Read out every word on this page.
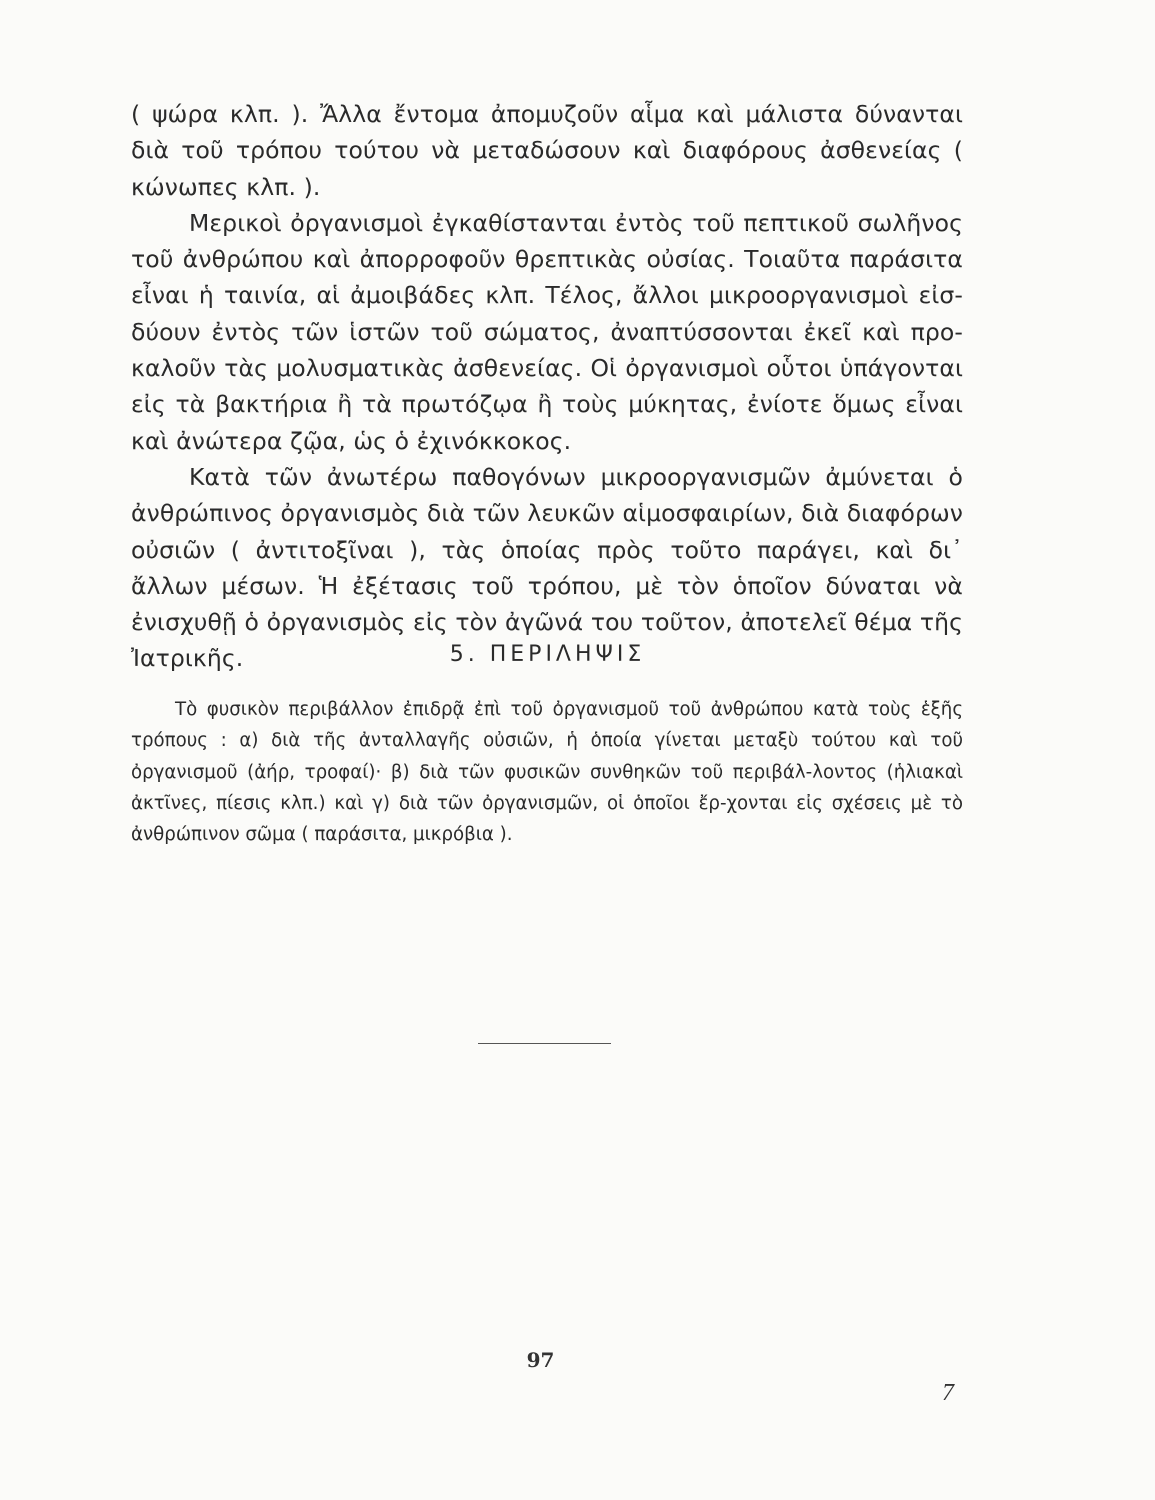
( ψώρα κλπ. ). Ἄλλα ἔντομα ἀπομυζοῦν αἷμα καὶ μάλιστα δύνανται διὰ τοῦ τρόπου τούτου νὰ μεταδώσουν καὶ διαφόρους ἀσθενείας ( κώνωπες κλπ. ).

Μερικοὶ ὀργανισμοὶ ἐγκαθίστανται ἐντὸς τοῦ πεπτικοῦ σωλῆνος τοῦ ἀνθρώπου καὶ ἀπορροφοῦν θρεπτικὰς οὐσίας. Τοιαῦτα παράσιτα εἶναι ἡ ταινία, αἱ ἀμοιβάδες κλπ. Τέλος, ἄλλοι μικροοργανισμοὶ εἰσ-δύουν ἐντὸς τῶν ἱστῶν τοῦ σώματος, ἀναπτύσσονται ἐκεῖ καὶ προ-καλοῦν τὰς μολυσματικὰς ἀσθενείας. Οἱ ὀργανισμοὶ οὗτοι ὑπάγονται εἰς τὰ βακτήρια ἢ τὰ πρωτόζῳα ἢ τοὺς μύκητας, ἐνίοτε ὅμως εἶναι καὶ ἀνώτερα ζῷα, ὡς ὁ ἐχινόκκοκος.

Κατὰ τῶν ἀνωτέρω παθογόνων μικροοργανισμῶν ἀμύνεται ὁ ἀνθρώπινος ὀργανισμὸς διὰ τῶν λευκῶν αἱμοσφαιρίων, διὰ διαφόρων οὐσιῶν ( ἀντιτοξῖναι ), τὰς ὁποίας πρὸς τοῦτο παράγει, καὶ δι᾽ ἄλλων μέσων. Ἡ ἐξέτασις τοῦ τρόπου, μὲ τὸν ὁποῖον δύναται νὰ ἐνισχυθῇ ὁ ὀργανισμὸς εἰς τὸν ἀγῶνά του τοῦτον, ἀποτελεῖ θέμα τῆς Ἰατρικῆς.	5. ΠΕΡΙΛΗΨΙΣ

Τὸ φυσικὸν περιβάλλον ἐπιδρᾷ ἐπὶ τοῦ ὀργανισμοῦ τοῦ ἀνθρώπου κατὰ τοὺς ἑξῆς τρόπους : α) διὰ τῆς ἀνταλλαγῆς οὐσιῶν, ἡ ὁποία γίνεται μεταξὺ τούτου καὶ τοῦ ὀργανισμοῦ (ἀήρ, τροφαί)· β) διὰ τῶν φυσικῶν συνθηκῶν τοῦ περιβάλ-λοντος (ἡλιακαὶ ἀκτῖνες, πίεσις κλπ.) καὶ γ) διὰ τῶν ὀργανισμῶν, οἱ ὁποῖοι ἔρ-χονται εἰς σχέσεις μὲ τὸ ἀνθρώπινον σῶμα ( παράσιτα, μικρόβια ).

97
7
